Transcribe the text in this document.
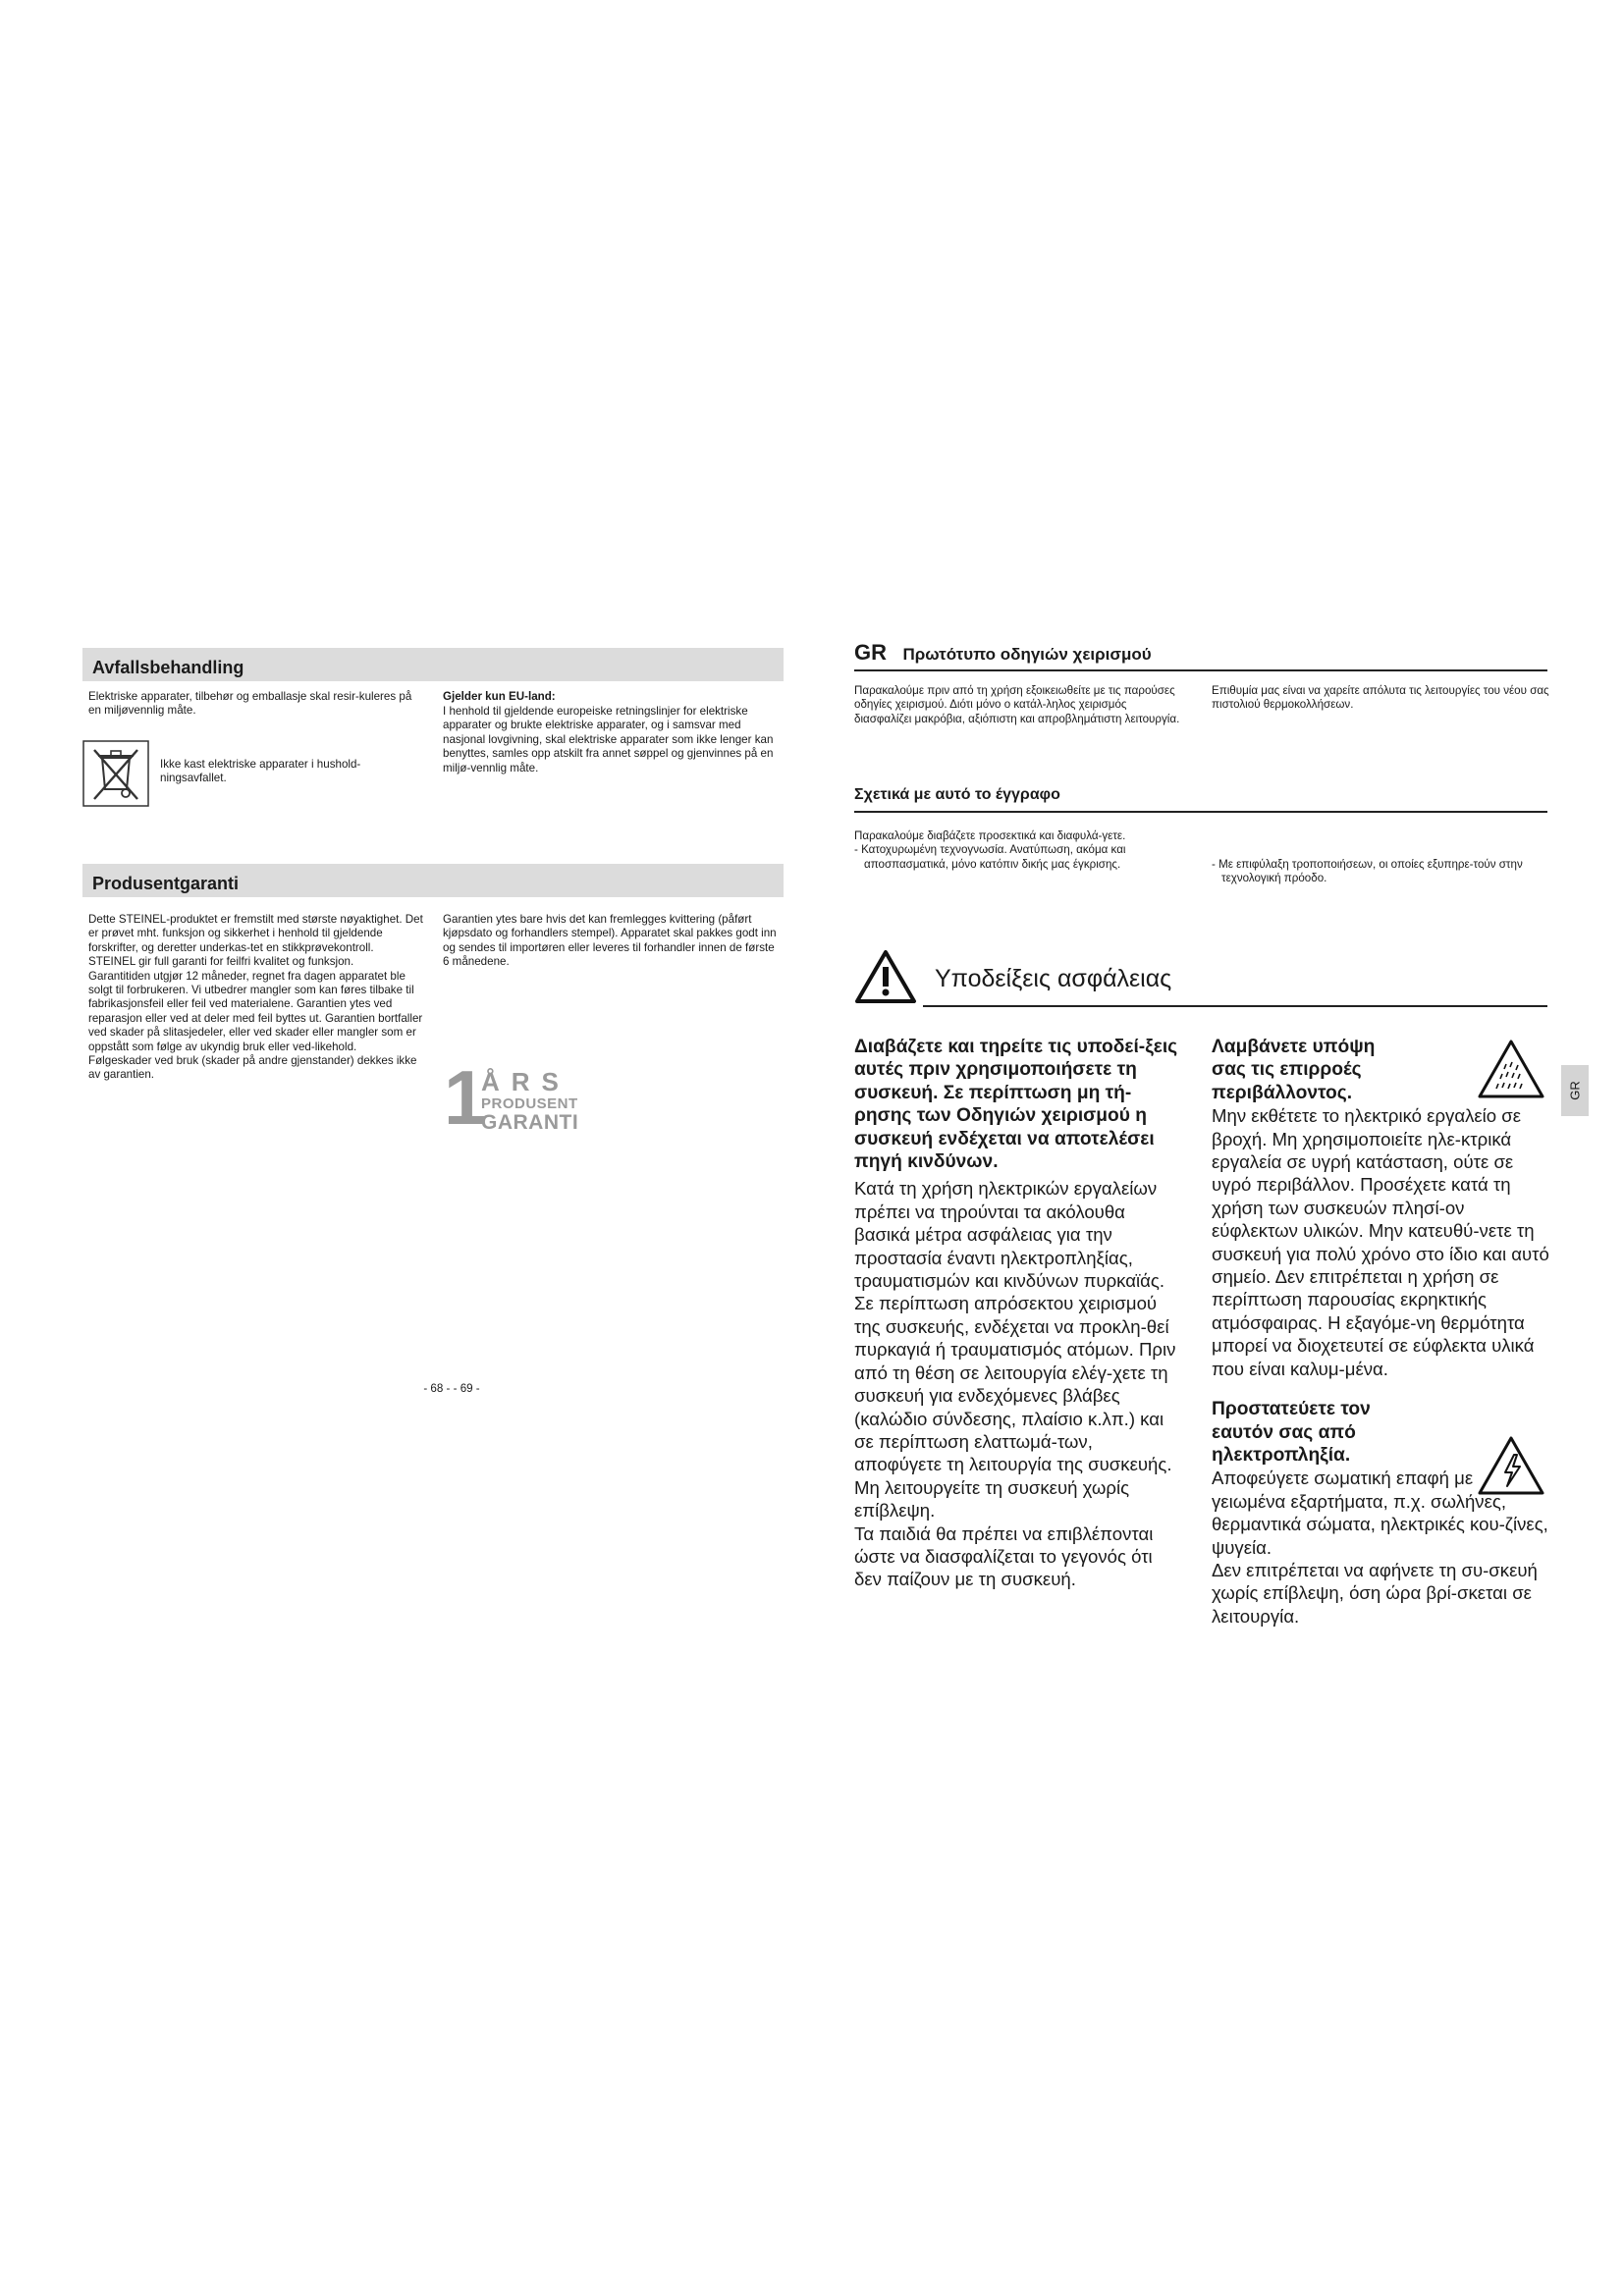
Avfallsbehandling
Elektriske apparater, tilbehør og emballasje skal resir-kuleres på en miljøvennlig måte.
Ikke kast elektriske apparater i hushold-ningsavfallet.
Gjelder kun EU-land:
I henhold til gjeldende europeiske retningslinjer for elektriske apparater og brukte elektriske apparater, og i samsvar med nasjonal lovgivning, skal elektriske apparater som ikke lenger kan benyttes, samles opp atskilt fra annet søppel og gjenvinnes på en miljø-vennlig måte.
Produsentgaranti

Dette STEINEL-produktet er fremstilt med største nøyaktighet. Det er prøvet mht. funksjon og sikkerhet i henhold til gjeldende forskrifter, og deretter underkas-tet en stikkprøvekontroll.

STEINEL gir full garanti for feilfri kvalitet og funksjon.

Garantitiden utgjør 12 måneder, regnet fra dagen apparatet ble solgt til forbrukeren. Vi utbedrer mangler som kan føres tilbake til fabrikasjonsfeil eller feil ved materialene. Garantien ytes ved reparasjon eller ved at deler med feil byttes ut. Garantien bortfaller ved skader på slitasjedeler, eller ved skader eller mangler som er oppstått som følge av ukyndig bruk eller ved-likehold.

Følgeskader ved bruk (skader på andre gjenstander) dekkes ikke av garantien.

Garantien ytes bare hvis det kan fremlegges kvittering (påført kjøpsdato og forhandlers stempel). Apparatet skal pakkes godt inn og sendes til importøren eller leveres til forhandler innen de første 6 månedene.
1
ÅRS
PRODUSENT
GARANTI
- 68 - - 69 -
GR Πρωτότυπο οδηγιών χειρισμού
Παρακαλούμε πριν από τη χρήση εξοικειωθείτε με τις παρούσες οδηγίες χειρισμού. Διότι μόνο ο κατάλ-ληλος χειρισμός διασφαλίζει μακρόβια, αξιόπιστη και απροβλημάτιστη λειτουργία.
Επιθυμία μας είναι να χαρείτε απόλυτα τις λειτουργίες του νέου σας πιστολιού θερμοκολλήσεων.
Σχετικά με αυτό το έγγραφο

Παρακαλούμε διαβάζετε προσεκτικά και διαφυλά-γετε.

- Κατοχυρωμένη τεχνογνωσία. Ανατύπωση, ακόμα και αποσπασματικά, μόνο κατόπιν δικής μας έγκρισης.	- Με επιφύλαξη τροποποιήσεων, οι οποίες εξυπηρε-τούν στην τεχνολογική πρόοδο.

Υποδείξεις ασφάλειας
Διαβάζετε και τηρείτε τις υποδεί-ξεις αυτές πριν χρησιμοποιήσετε τη συσκευή. Σε περίπτωση μη τή-ρησης των Οδηγιών χειρισμού η συσκευή ενδέχεται να αποτελέσει πηγή κινδύνων.

Κατά τη χρήση ηλεκτρικών εργαλείων πρέπει να τηρούνται τα ακόλουθα βασικά μέτρα ασφάλειας για την προστασία έναντι ηλεκτροπληξίας, τραυματισμών και κινδύνων πυρκαϊάς. Σε περίπτωση απρόσεκτου χειρισμού της συσκευής, ενδέχεται να προκλη-θεί πυρκαγιά ή τραυματισμός ατόμων. Πριν από τη θέση σε λειτουργία ελέγ-χετε τη συσκευή για ενδεχόμενες βλάβες (καλώδιο σύνδεσης, πλαίσιο κ.λπ.) και σε περίπτωση ελαττωμά-των, αποφύγετε τη λειτουργία της συσκευής.

Μη λειτουργείτε τη συσκευή χωρίς επίβλεψη.

Τα παιδιά θα πρέπει να επιβλέπονται ώστε να διασφαλίζεται το γεγονός ότι δεν παίζουν με τη συσκευή.

Λαμβάνετε υπόψη σας τις επιρροές περιβάλλοντος.
Μην εκθέτετε το ηλεκτρικό εργαλείο σε βροχή. Μη χρησιμοποιείτε ηλε-κτρικά εργαλεία σε υγρή κατάσταση, ούτε σε υγρό περιβάλλον. Προσέχετε κατά τη χρήση των συσκευών πλησί-ον εύφλεκτων υλικών. Μην κατευθύ-νετε τη συσκευή για πολύ χρόνο στο ίδιο και αυτό σημείο. Δεν επιτρέπεται η χρήση σε περίπτωση παρουσίας εκρηκτικής ατμόσφαιρας. Η εξαγόμε-νη θερμότητα μπορεί να διοχετευτεί σε εύφλεκτα υλικά που είναι καλυμ-μένα.
Προστατεύετε τον εαυτόν σας από ηλεκτροπληξία.

Αποφεύγετε σωματική επαφή με γειωμένα εξαρτήματα, π.χ. σωλήνες, θερμαντικά σώματα, ηλεκτρικές κου-ζίνες, ψυγεία.

Δεν επιτρέπεται να αφήνετε τη συ-σκευή χωρίς επίβλεψη, όση ώρα βρί-σκεται σε λειτουργία.

GR
